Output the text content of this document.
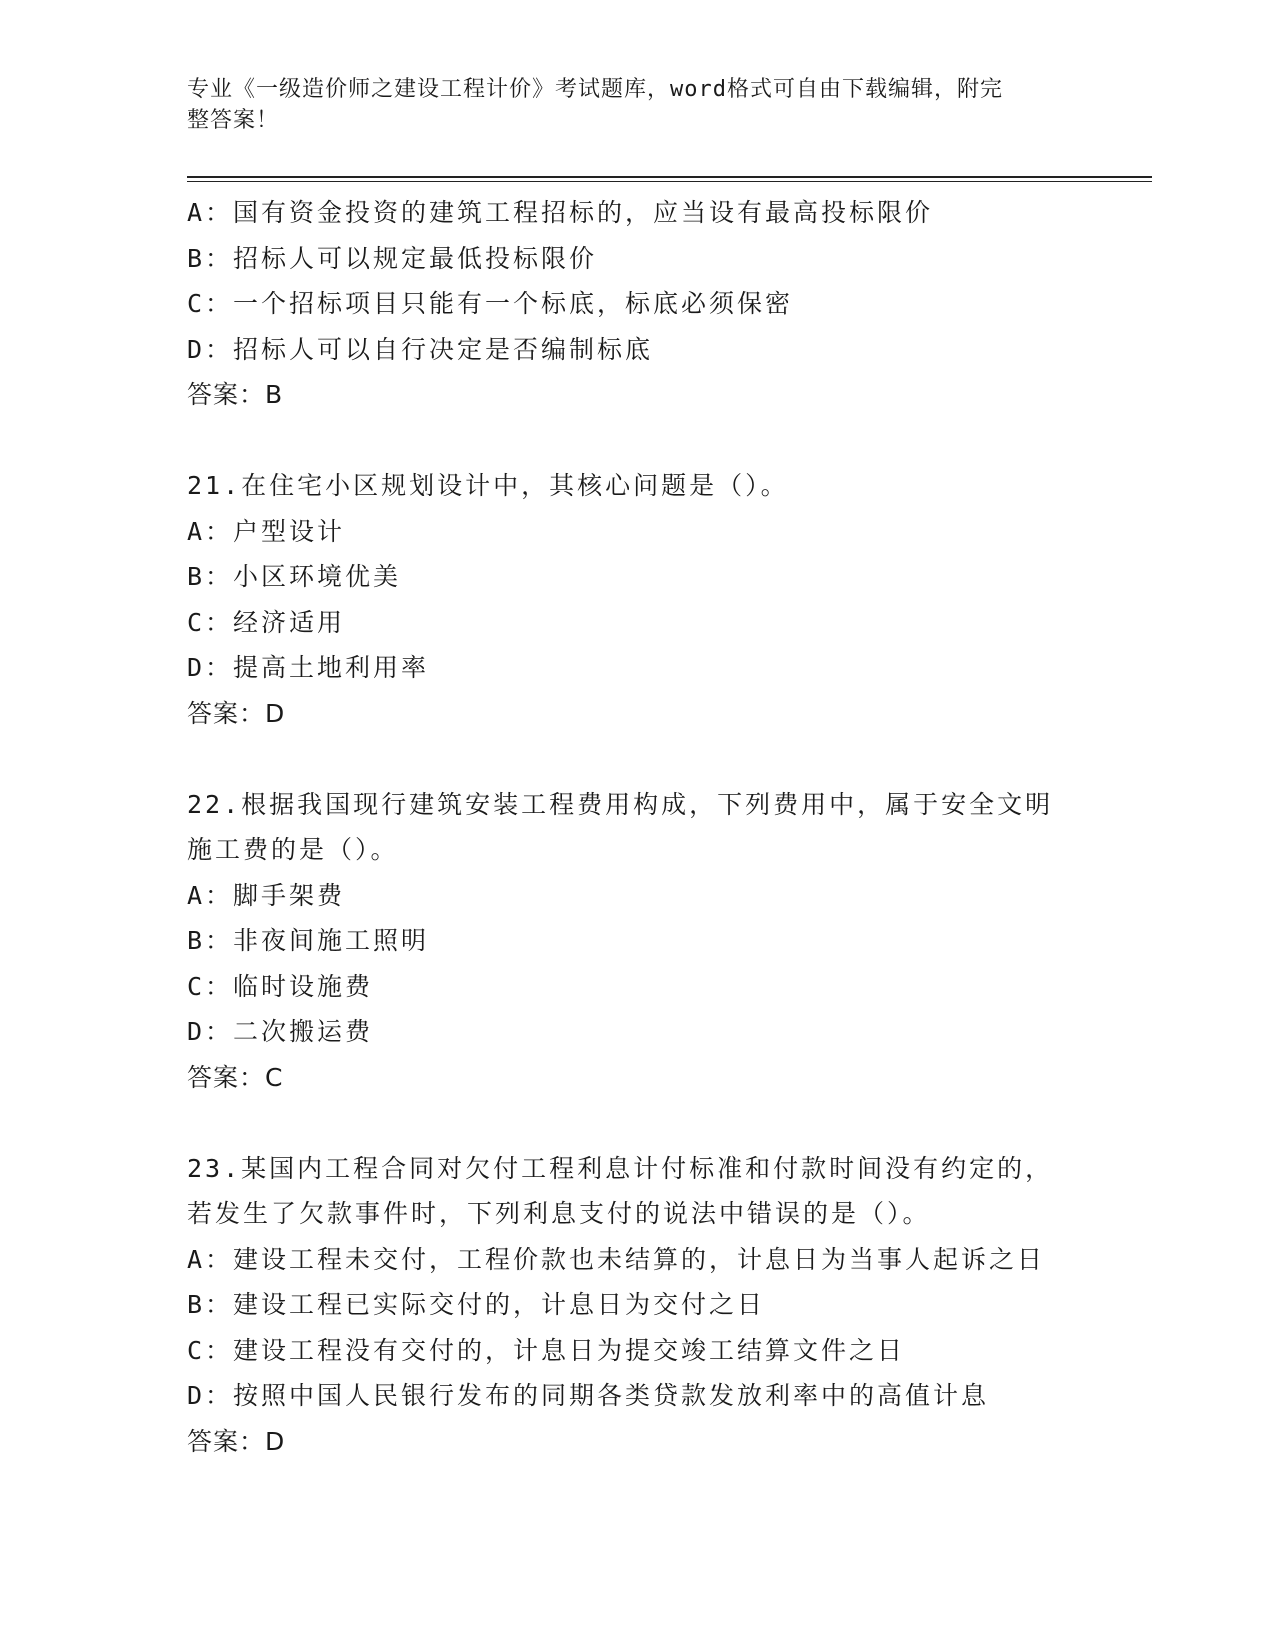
专业《一级造价师之建设工程计价》考试题库，word格式可自由下载编辑，附完
整答案！
A：国有资金投资的建筑工程招标的，应当设有最高投标限价
B：招标人可以规定最低投标限价
C：一个招标项目只能有一个标底，标底必须保密
D：招标人可以自行决定是否编制标底
答案：B
21.在住宅小区规划设计中，其核心问题是（）。
A：户型设计
B：小区环境优美
C：经济适用
D：提高土地利用率
答案：D
22.根据我国现行建筑安装工程费用构成，下列费用中，属于安全文明
施工费的是（）。
A：脚手架费
B：非夜间施工照明
C：临时设施费
D：二次搬运费
答案：C
23.某国内工程合同对欠付工程利息计付标准和付款时间没有约定的，
若发生了欠款事件时，下列利息支付的说法中错误的是（）。
A：建设工程未交付，工程价款也未结算的，计息日为当事人起诉之日
B：建设工程已实际交付的，计息日为交付之日
C：建设工程没有交付的，计息日为提交竣工结算文件之日
D：按照中国人民银行发布的同期各类贷款发放利率中的高值计息
答案：D
